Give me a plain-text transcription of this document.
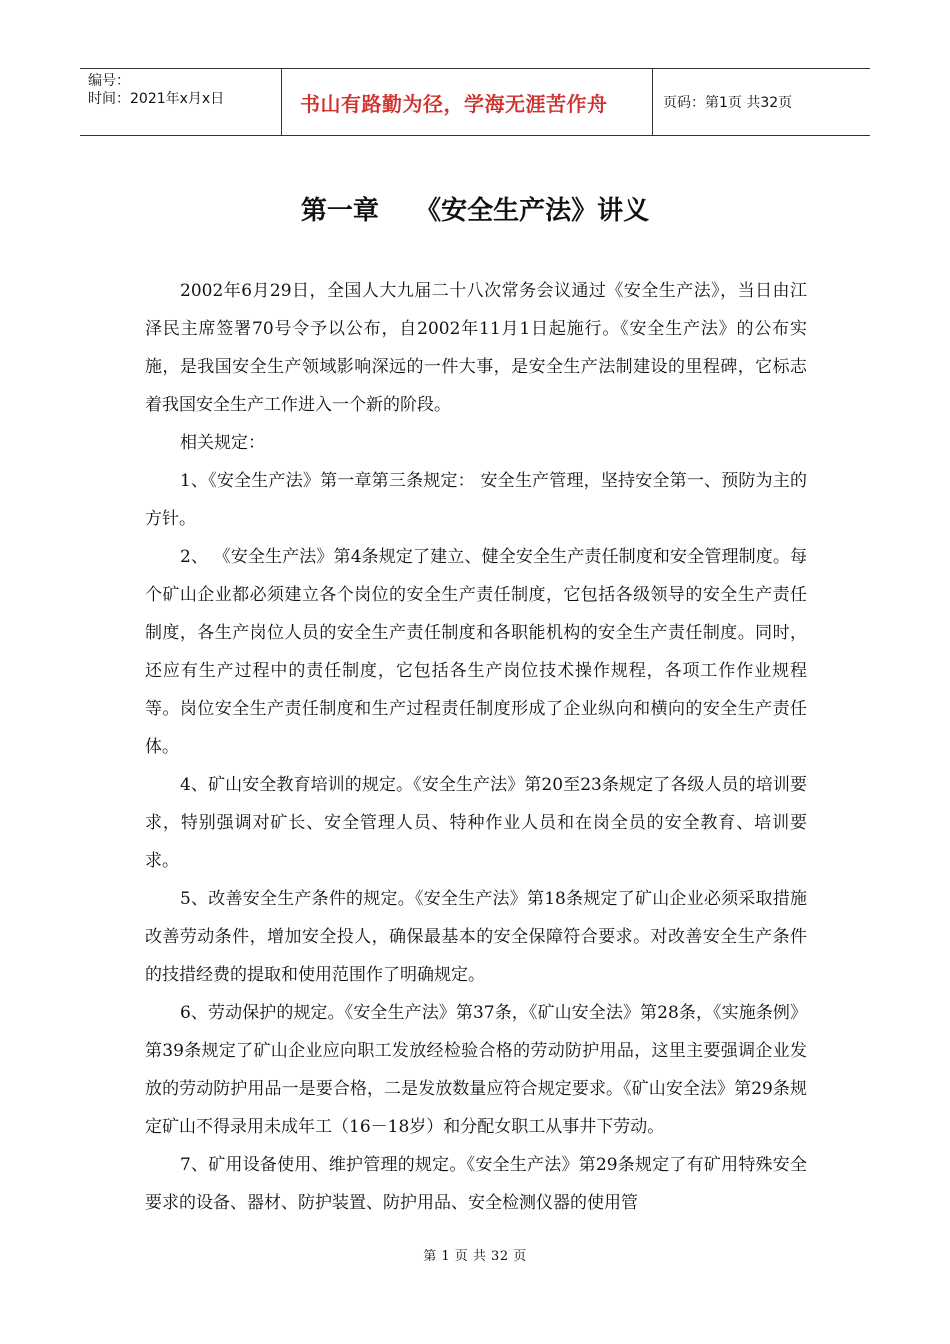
编号：
时间：2021年x月x日	书山有路勤为径，学海无涯苦作舟	页码：第1页 共32页
第一章    《安全生产法》讲义

2002年6月29日，全国人大九届二十八次常务会议通过《安全生产法》，当日由江泽民主席签署70号令予以公布，自2002年11月1日起施行。《安全生产法》的公布实施，是我国安全生产领域影响深远的一件大事，是安全生产法制建设的里程碑，它标志着我国安全生产工作进入一个新的阶段。

相关规定：

1、《安全生产法》第一章第三条规定： 安全生产管理，坚持安全第一、预防为主的方针。

2、 《安全生产法》第4条规定了建立、健全安全生产责任制度和安全管理制度。每个矿山企业都必须建立各个岗位的安全生产责任制度，它包括各级领导的安全生产责任制度，各生产岗位人员的安全生产责任制度和各职能机构的安全生产责任制度。同时，还应有生产过程中的责任制度，它包括各生产岗位技术操作规程，各项工作作业规程等。岗位安全生产责任制度和生产过程责任制度形成了企业纵向和横向的安全生产责任体。

4、矿山安全教育培训的规定。《安全生产法》第20至23条规定了各级人员的培训要求，特别强调对矿长、安全管理人员、特种作业人员和在岗全员的安全教育、培训要求。

5、改善安全生产条件的规定。《安全生产法》第18条规定了矿山企业必须采取措施改善劳动条件，增加安全投人，确保最基本的安全保障符合要求。对改善安全生产条件的技措经费的提取和使用范围作了明确规定。

6、劳动保护的规定。《安全生产法》第37条，《矿山安全法》第28条，《实施条例》第39条规定了矿山企业应向职工发放经检验合格的劳动防护用品，这里主要强调企业发放的劳动防护用品一是要合格，二是发放数量应符合规定要求。《矿山安全法》第29条规定矿山不得录用未成年工（16－18岁）和分配女职工从事井下劳动。

7、矿用设备使用、维护管理的规定。《安全生产法》第29条规定了有矿用特殊安全要求的设备、器材、防护装置、防护用品、安全检测仪器的使用管

第 1 页 共 32 页
